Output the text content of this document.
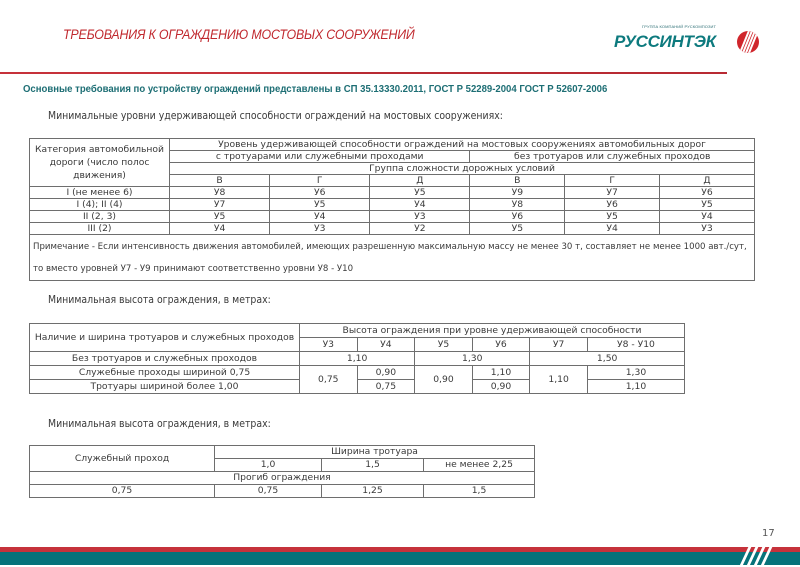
ТРЕБОВАНИЯ К ОГРАЖДЕНИЮ МОСТОВЫХ СООРУЖЕНИЙ
ГРУППА КОМПАНИЙ РУСКОМПОЗИТ
РУССИНТЭК
Основные требования по устройству ограждений представлены в СП 35.13330.2011, ГОСТ Р 52289-2004 ГОСТ Р 52607-2006
Минимальные уровни удерживающей способности ограждений на мостовых сооружениях:
Категория автомобильной дороги (число полос движения)	Уровень удерживающей способности ограждений на мостовых сооружениях автомобильных дорог					
	с тротуарами или служебными проходами			без тротуаров или служебных проходов		
	Группа сложности дорожных условий					
	В	Г	Д	В	Г	Д
I (не менее 6)	У8	У6	У5	У9	У7	У6
I (4); II (4)	У7	У5	У4	У8	У6	У5
II (2, 3)	У5	У4	У3	У6	У5	У4
III (2)	У4	У3	У2	У5	У4	У3
Примечание - Если интенсивность движения автомобилей, имеющих разрешенную максимальную массу не менее 30 т, составляет не менее 1000 авт./сут, то вместо уровней У7 - У9 принимают соответственно уровни У8 - У10						
Минимальная высота ограждения, в метрах:
Наличие и ширина тротуаров и служебных проходов	Высота ограждения при уровне удерживающей способности					
	У3	У4	У5	У6	У7	У8 - У10
Без тротуаров и служебных проходов	1,10		1,30		1,50	
Служебные проходы шириной 0,75	0,75	0,90	0,90	1,10	1,10	1,30
Тротуары шириной более 1,00		0,75		0,90		1,10
Минимальная высота ограждения, в метрах:
Служебный проход	Ширина тротуара		
	1,0	1,5	не менее 2,25
Прогиб ограждения			
0,75	0,75	1,25	1,5
17
